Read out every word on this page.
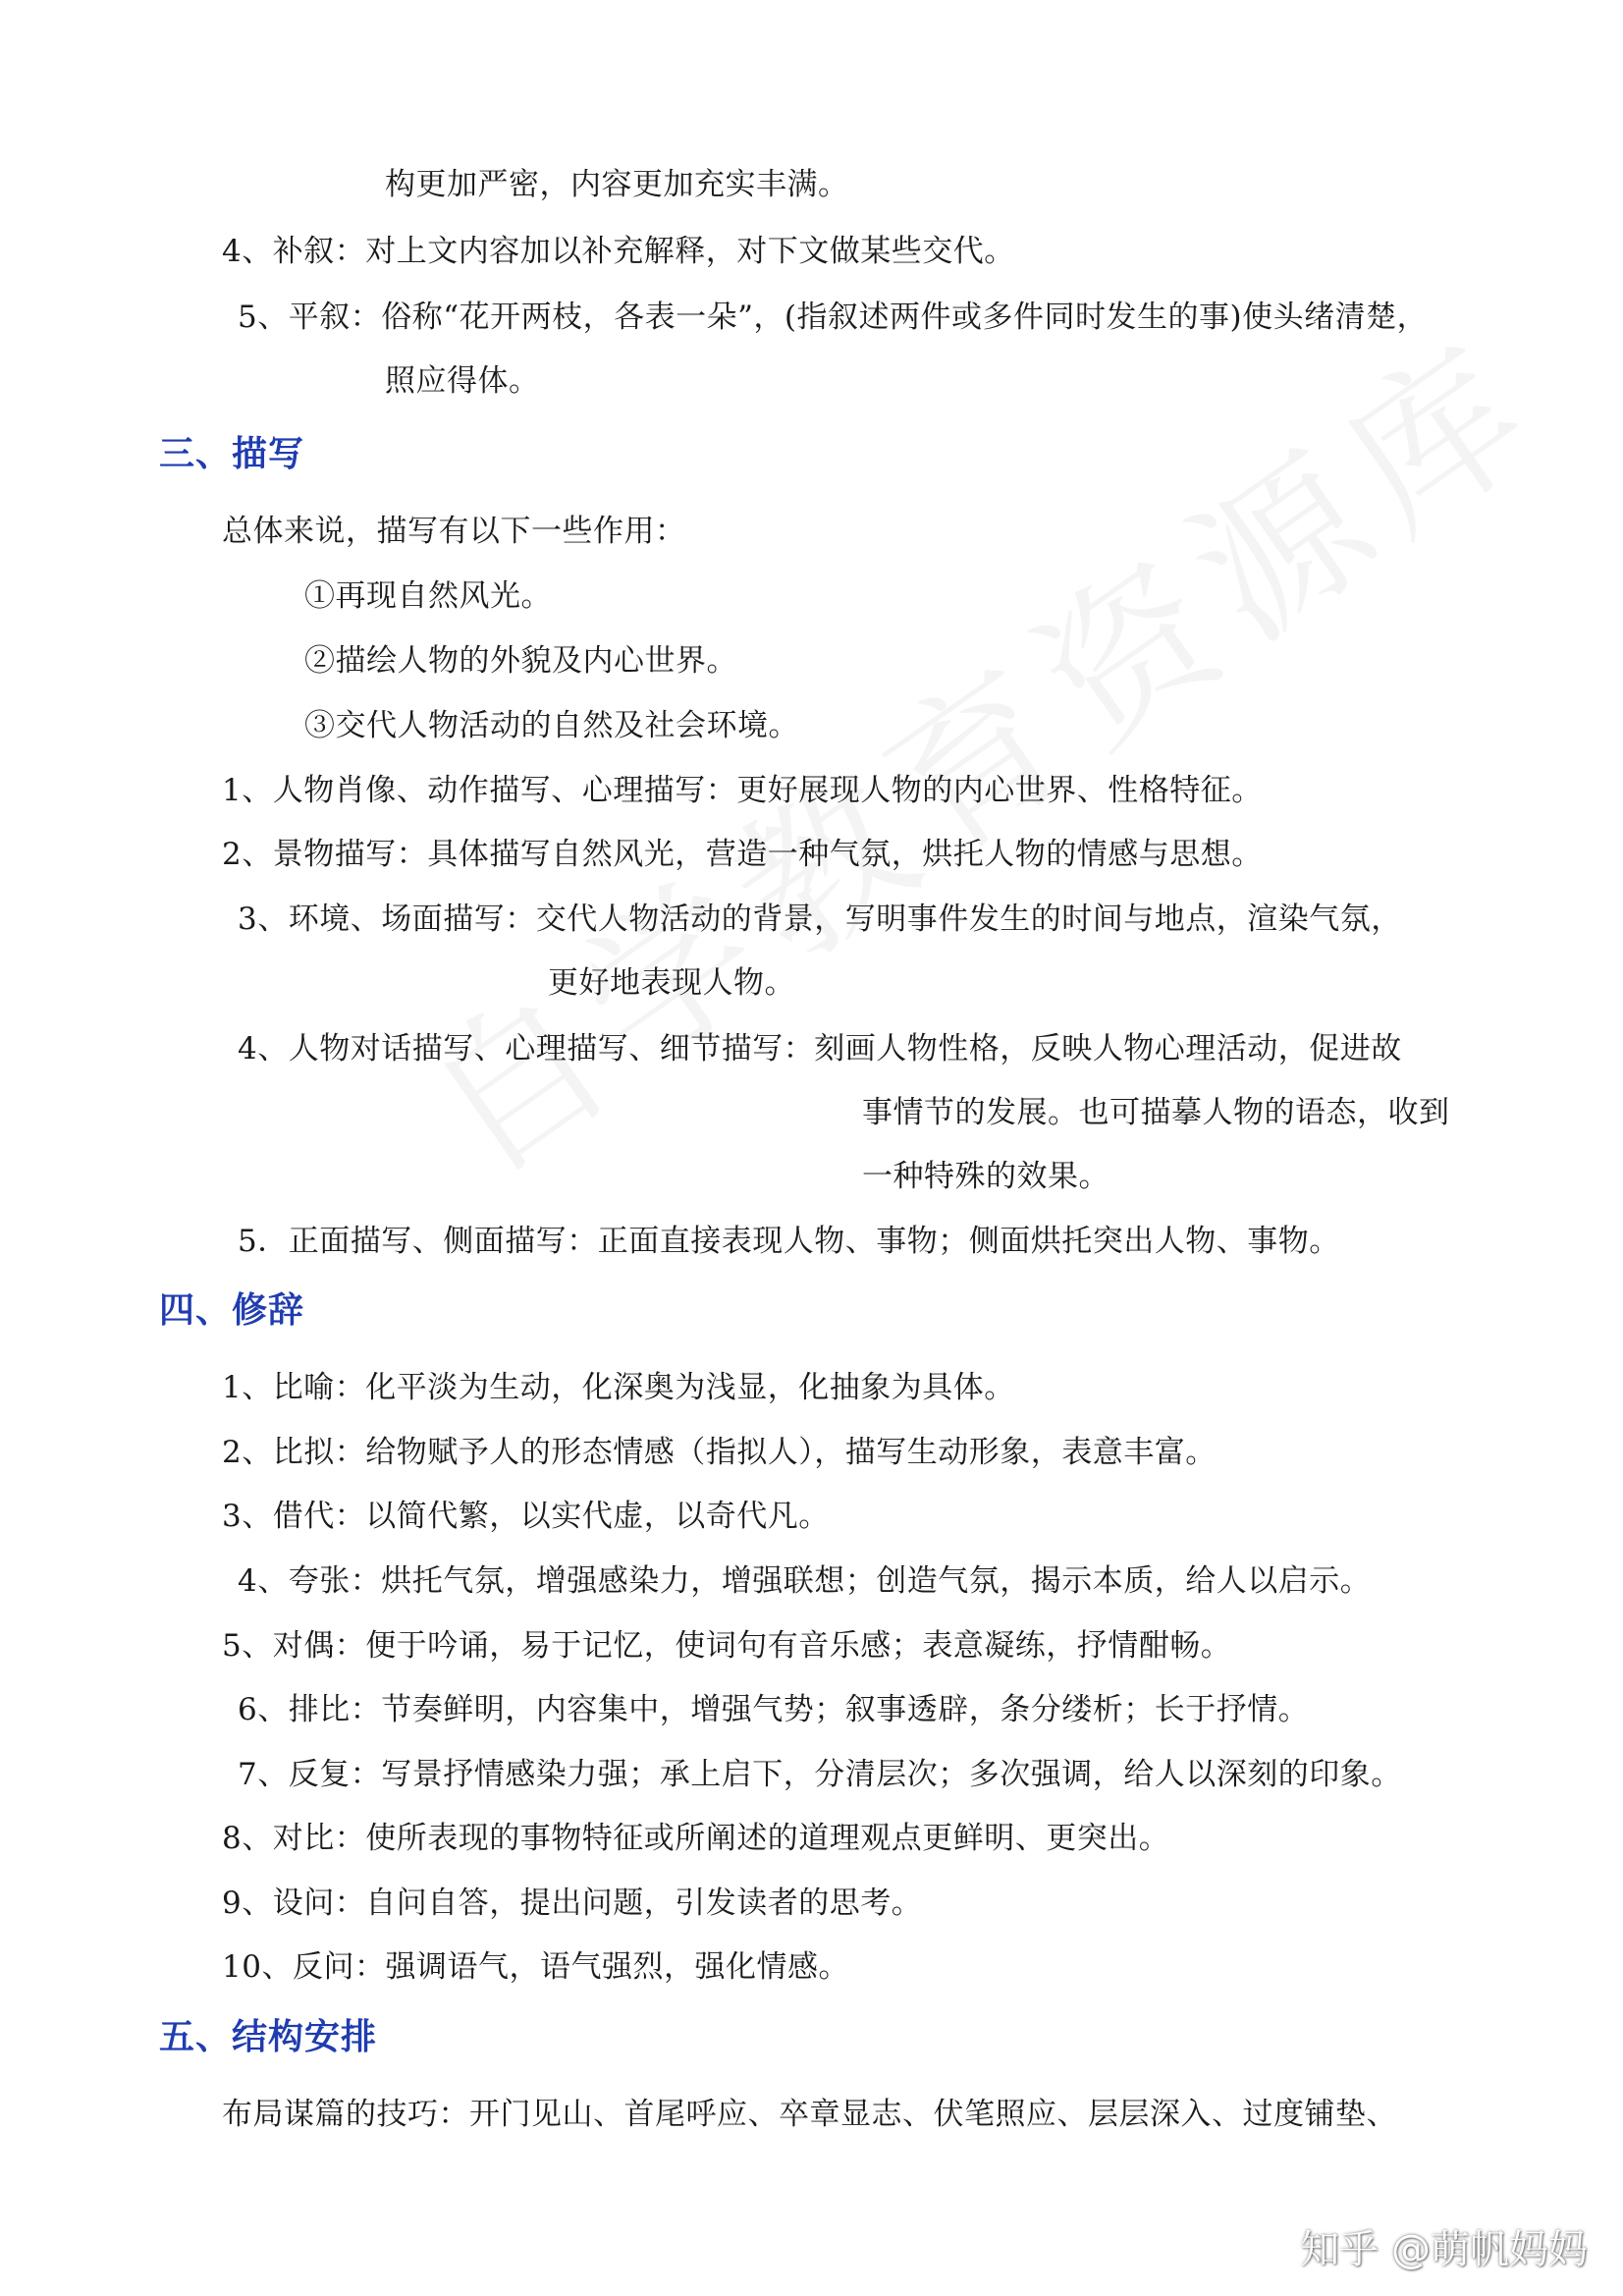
构更加严密，内容更加充实丰满。
4、补叙：对上文内容加以补充解释，对下文做某些交代。
5、平叙：俗称“花开两枝，各表一朵”，(指叙述两件或多件同时发生的事)使头绪清楚，
照应得体。
三、描写
总体来说，描写有以下一些作用：
①再现自然风光。
②描绘人物的外貌及内心世界。
③交代人物活动的自然及社会环境。
1、人物肖像、动作描写、心理描写：更好展现人物的内心世界、性格特征。
2、景物描写：具体描写自然风光，营造一种气氛，烘托人物的情感与思想。
3、环境、场面描写：交代人物活动的背景，写明事件发生的时间与地点，渲染气氛，
更好地表现人物。
4、人物对话描写、心理描写、细节描写：刻画人物性格，反映人物心理活动，促进故
事情节的发展。也可描摹人物的语态，收到
一种特殊的效果。
5．正面描写、侧面描写：正面直接表现人物、事物；侧面烘托突出人物、事物。
四、修辞
1、比喻：化平淡为生动，化深奥为浅显，化抽象为具体。
2、比拟：给物赋予人的形态情感（指拟人），描写生动形象，表意丰富。
3、借代：以简代繁，以实代虚，以奇代凡。
4、夸张：烘托气氛，增强感染力，增强联想；创造气氛，揭示本质，给人以启示。
5、对偶：便于吟诵，易于记忆，使词句有音乐感；表意凝练，抒情酣畅。
6、排比：节奏鲜明，内容集中，增强气势；叙事透辟，条分缕析；长于抒情。
7、反复：写景抒情感染力强；承上启下，分清层次；多次强调，给人以深刻的印象。
8、对比：使所表现的事物特征或所阐述的道理观点更鲜明、更突出。
9、设问：自问自答，提出问题，引发读者的思考。
10、反问：强调语气，语气强烈，强化情感。
五、结构安排
布局谋篇的技巧：开门见山、首尾呼应、卒章显志、伏笔照应、层层深入、过度铺垫、
知乎 @萌帆妈妈
